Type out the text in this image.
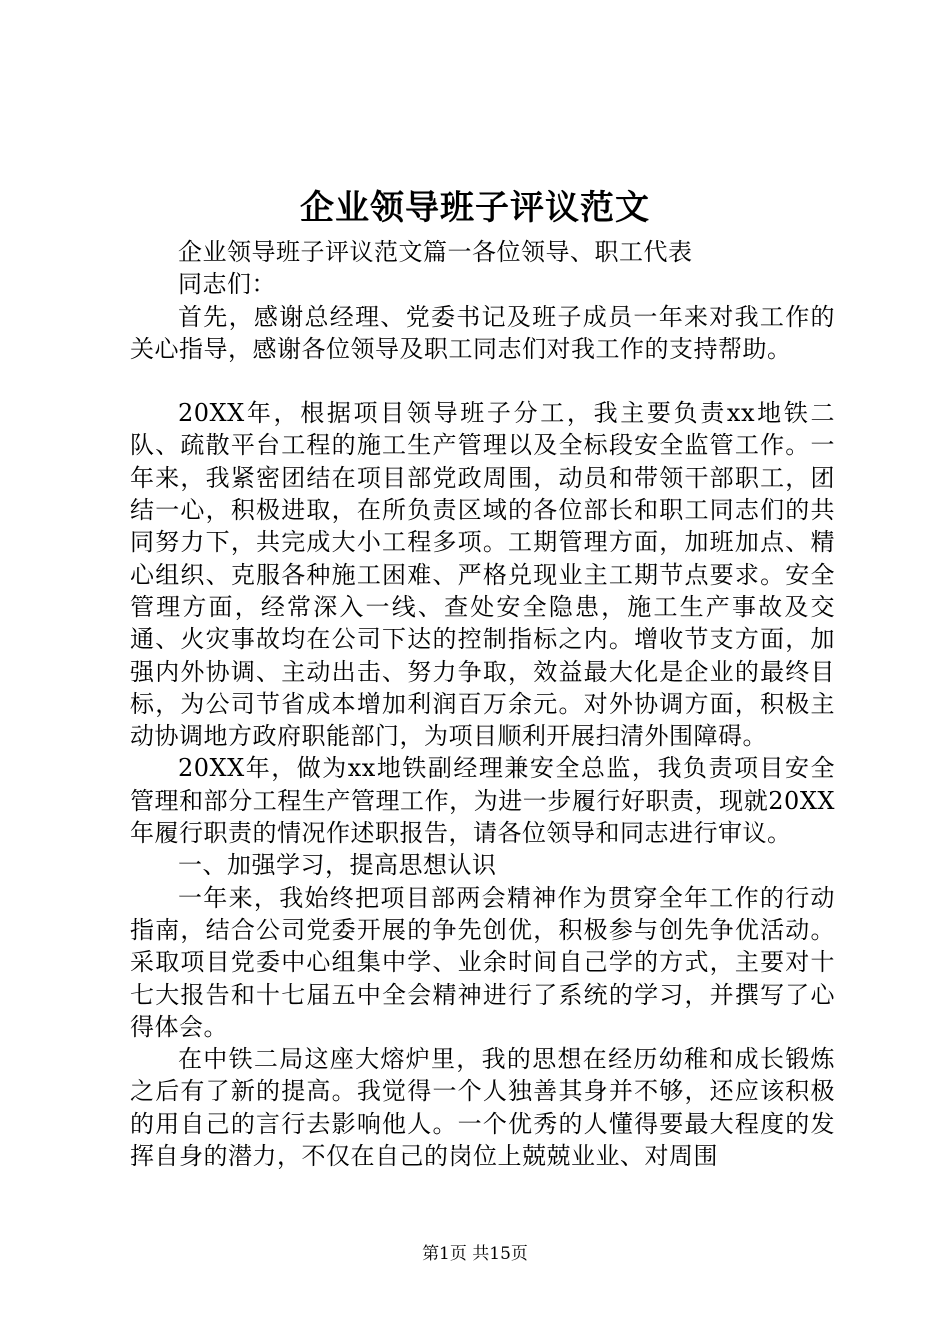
企业领导班子评议范文

企业领导班子评议范文篇一各位领导、职工代表

同志们：

首先，感谢总经理、党委书记及班子成员一年来对我工作的关心指导，感谢各位领导及职工同志们对我工作的支持帮助。

20XX年，根据项目领导班子分工，我主要负责xx地铁二队、疏散平台工程的施工生产管理以及全标段安全监管工作。一年来，我紧密团结在项目部党政周围，动员和带领干部职工，团结一心，积极进取，在所负责区域的各位部长和职工同志们的共同努力下，共完成大小工程多项。工期管理方面，加班加点、精心组织、克服各种施工困难、严格兑现业主工期节点要求。安全管理方面，经常深入一线、查处安全隐患，施工生产事故及交通、火灾事故均在公司下达的控制指标之内。增收节支方面，加强内外协调、主动出击、努力争取，效益最大化是企业的最终目标，为公司节省成本增加利润百万余元。对外协调方面，积极主动协调地方政府职能部门，为项目顺利开展扫清外围障碍。

20XX年，做为xx地铁副经理兼安全总监，我负责项目安全管理和部分工程生产管理工作，为进一步履行好职责，现就20XX年履行职责的情况作述职报告，请各位领导和同志进行审议。

一、加强学习，提高思想认识

一年来，我始终把项目部两会精神作为贯穿全年工作的行动指南，结合公司党委开展的争先创优，积极参与创先争优活动。采取项目党委中心组集中学、业余时间自己学的方式，主要对十七大报告和十七届五中全会精神进行了系统的学习，并撰写了心得体会。

在中铁二局这座大熔炉里，我的思想在经历幼稚和成长锻炼之后有了新的提高。我觉得一个人独善其身并不够，还应该积极的用自己的言行去影响他人。一个优秀的人懂得要最大程度的发挥自身的潜力，不仅在自己的岗位上兢兢业业、对周围

第1页 共15页
